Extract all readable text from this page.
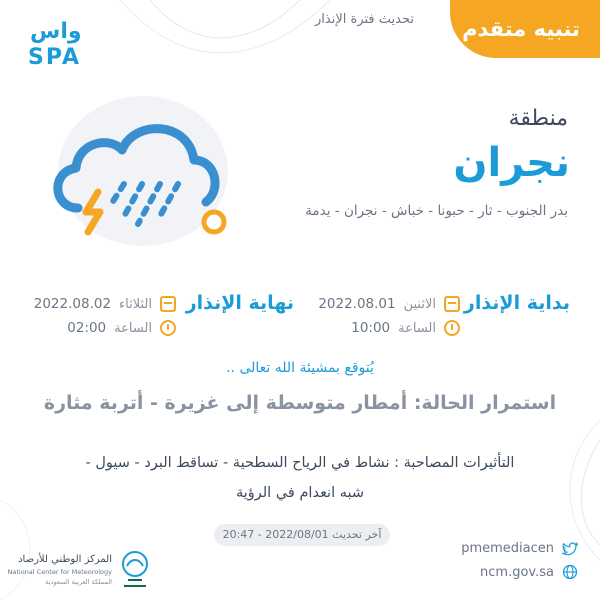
واس
SPA
تحديث فترة الإنذار	تنبيه متقدم
منطقة
نجران
بدر الجنوب - ثار - حبونا - خباش - نجران - يدمة
بداية الإنذار
الاثنين
2022.08.01
الساعة
10:00
نهاية الإنذار
الثلاثاء
2022.08.02
الساعة
02:00
يُتوقع بمشيئة الله تعالى ..
استمرار الحالة: أمطار متوسطة إلى غزيرة - أتربة مثارة
التأثيرات المصاحبة : نشاط في الرياح السطحية - تساقط البرد - سيول -
شبه انعدام في الرؤية
آخر تحديث 2022/08/01 - 20:47
pmemediacen
ncm.gov.sa
المركز الوطني للأرصاد
National Center for Meteorology
المملكة العربية السعودية
